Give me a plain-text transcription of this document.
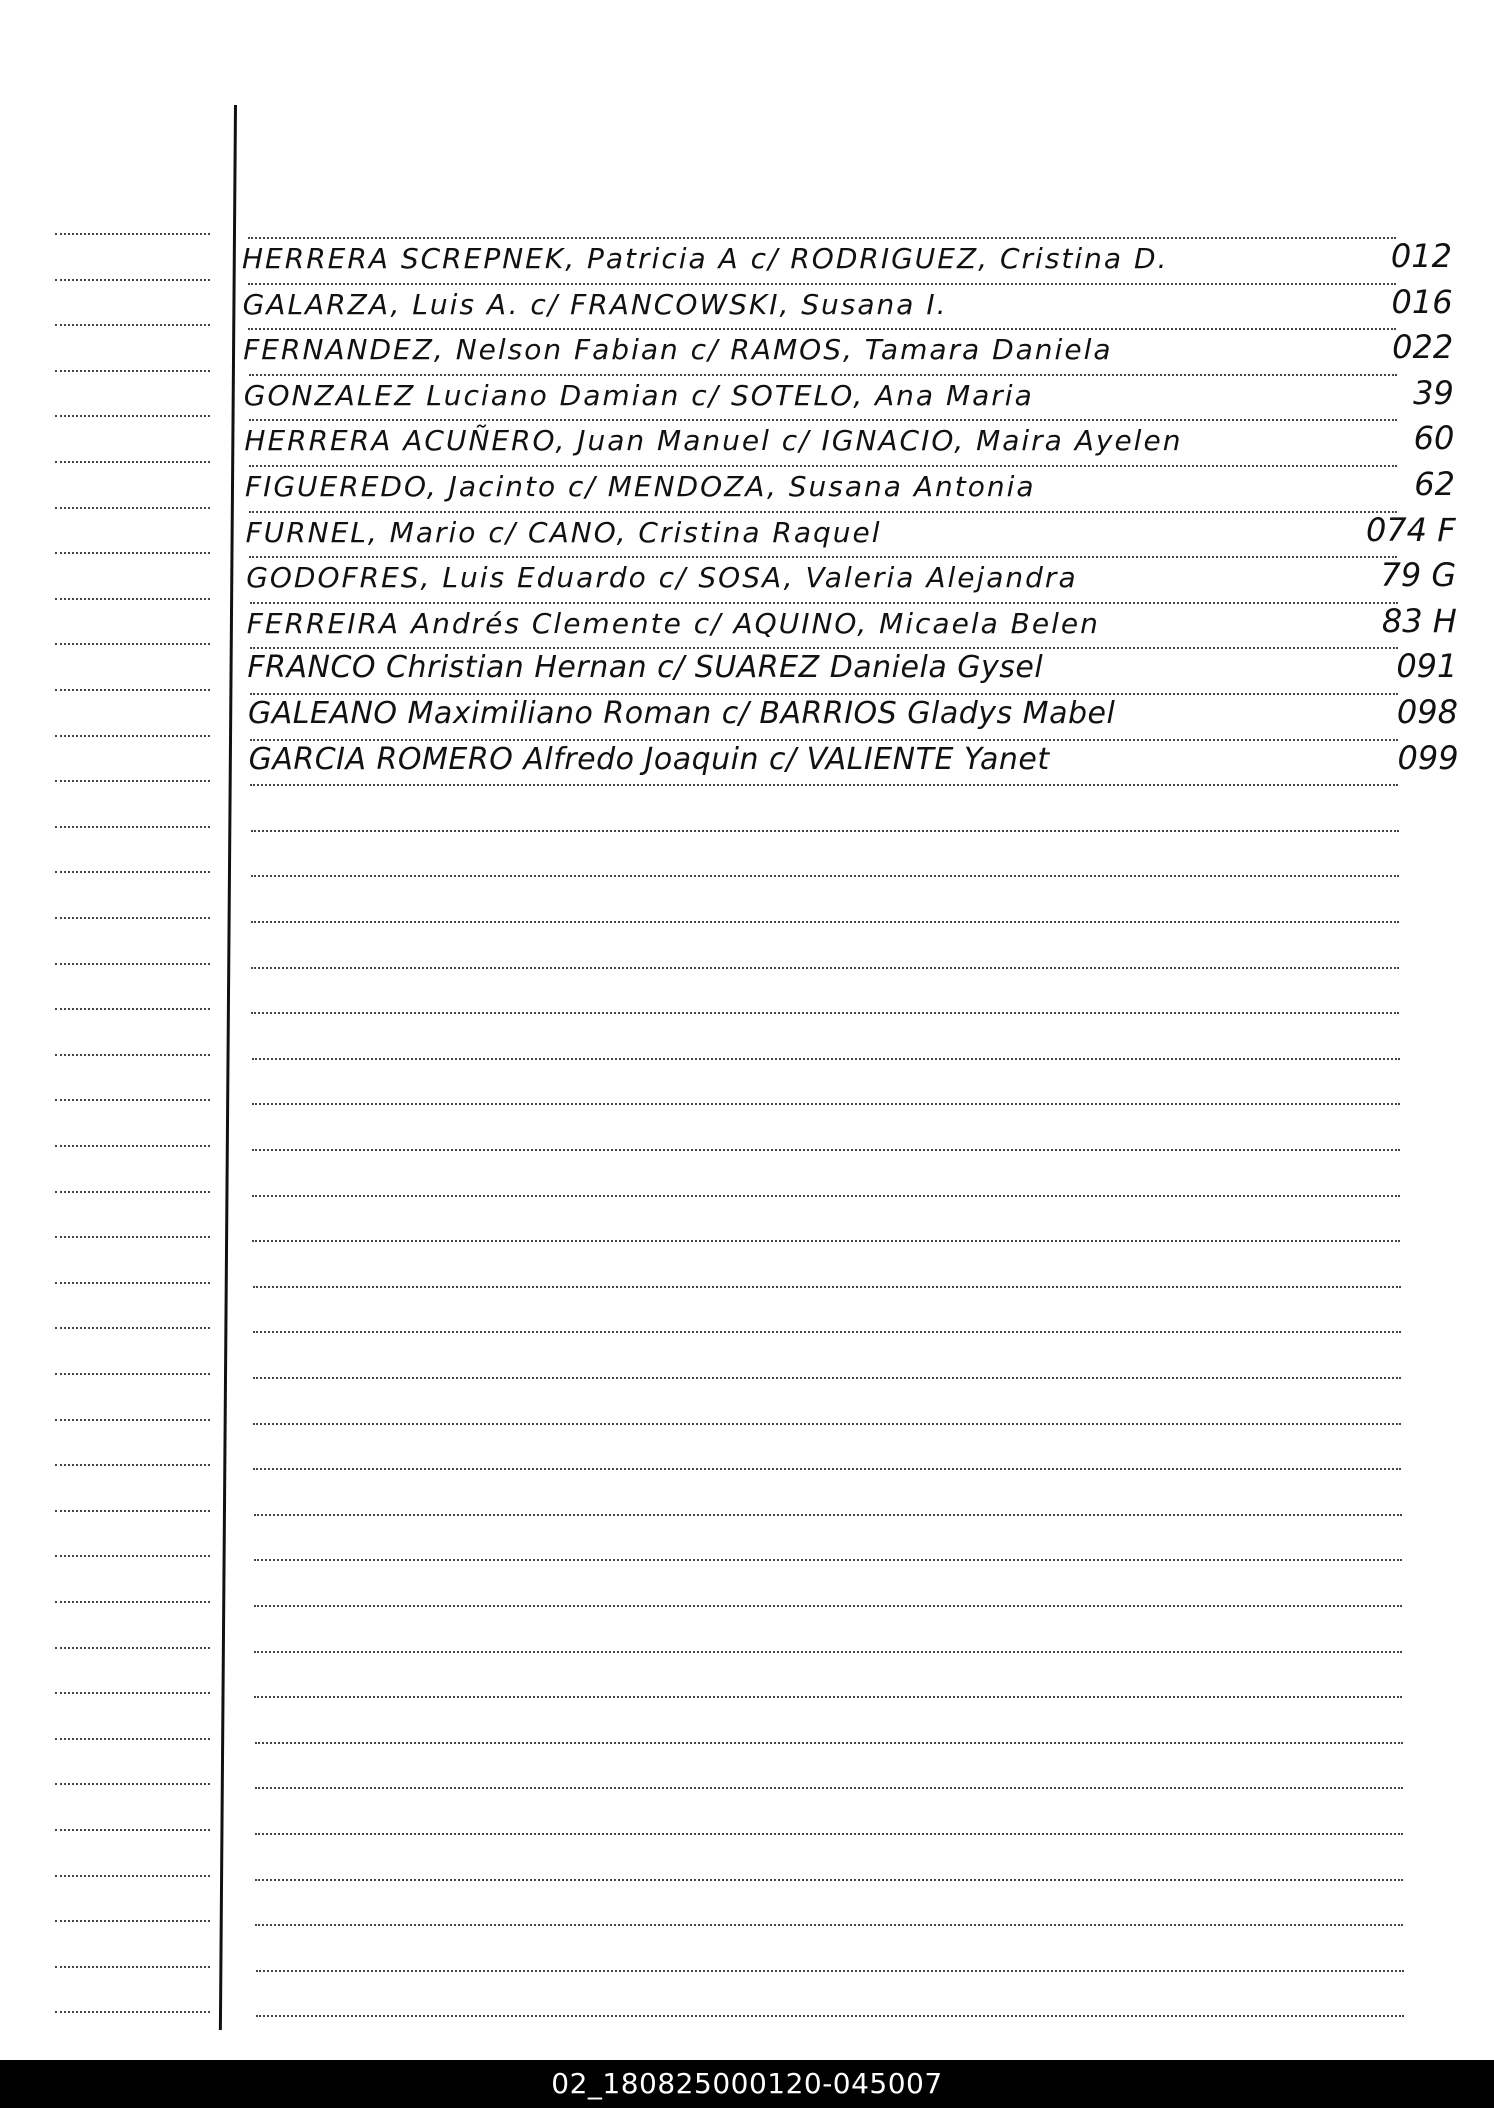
HERRERA SCREPNEK, Patricia A c/ RODRIGUEZ, Cristina D.	012
GALARZA, Luis A. c/ FRANCOWSKI, Susana I.	016
FERNANDEZ, Nelson Fabian c/ RAMOS, Tamara Daniela	022
GONZALEZ Luciano Damian c/ SOTELO, Ana Maria	39
HERRERA ACUÑERO, Juan Manuel c/ IGNACIO, Maira Ayelen	60
FIGUEREDO, Jacinto c/ MENDOZA, Susana Antonia	62
FURNEL, Mario c/ CANO, Cristina Raquel	074 F
GODOFRES, Luis Eduardo c/ SOSA, Valeria Alejandra	79 G
FERREIRA Andrés Clemente c/ AQUINO, Micaela Belen	83 H
FRANCO Christian Hernan c/ SUAREZ Daniela Gysel	091
GALEANO Maximiliano Roman c/ BARRIOS Gladys Mabel	098
GARCIA ROMERO Alfredo Joaquin c/ VALIENTE Yanet	099
02_180825000120-045007
